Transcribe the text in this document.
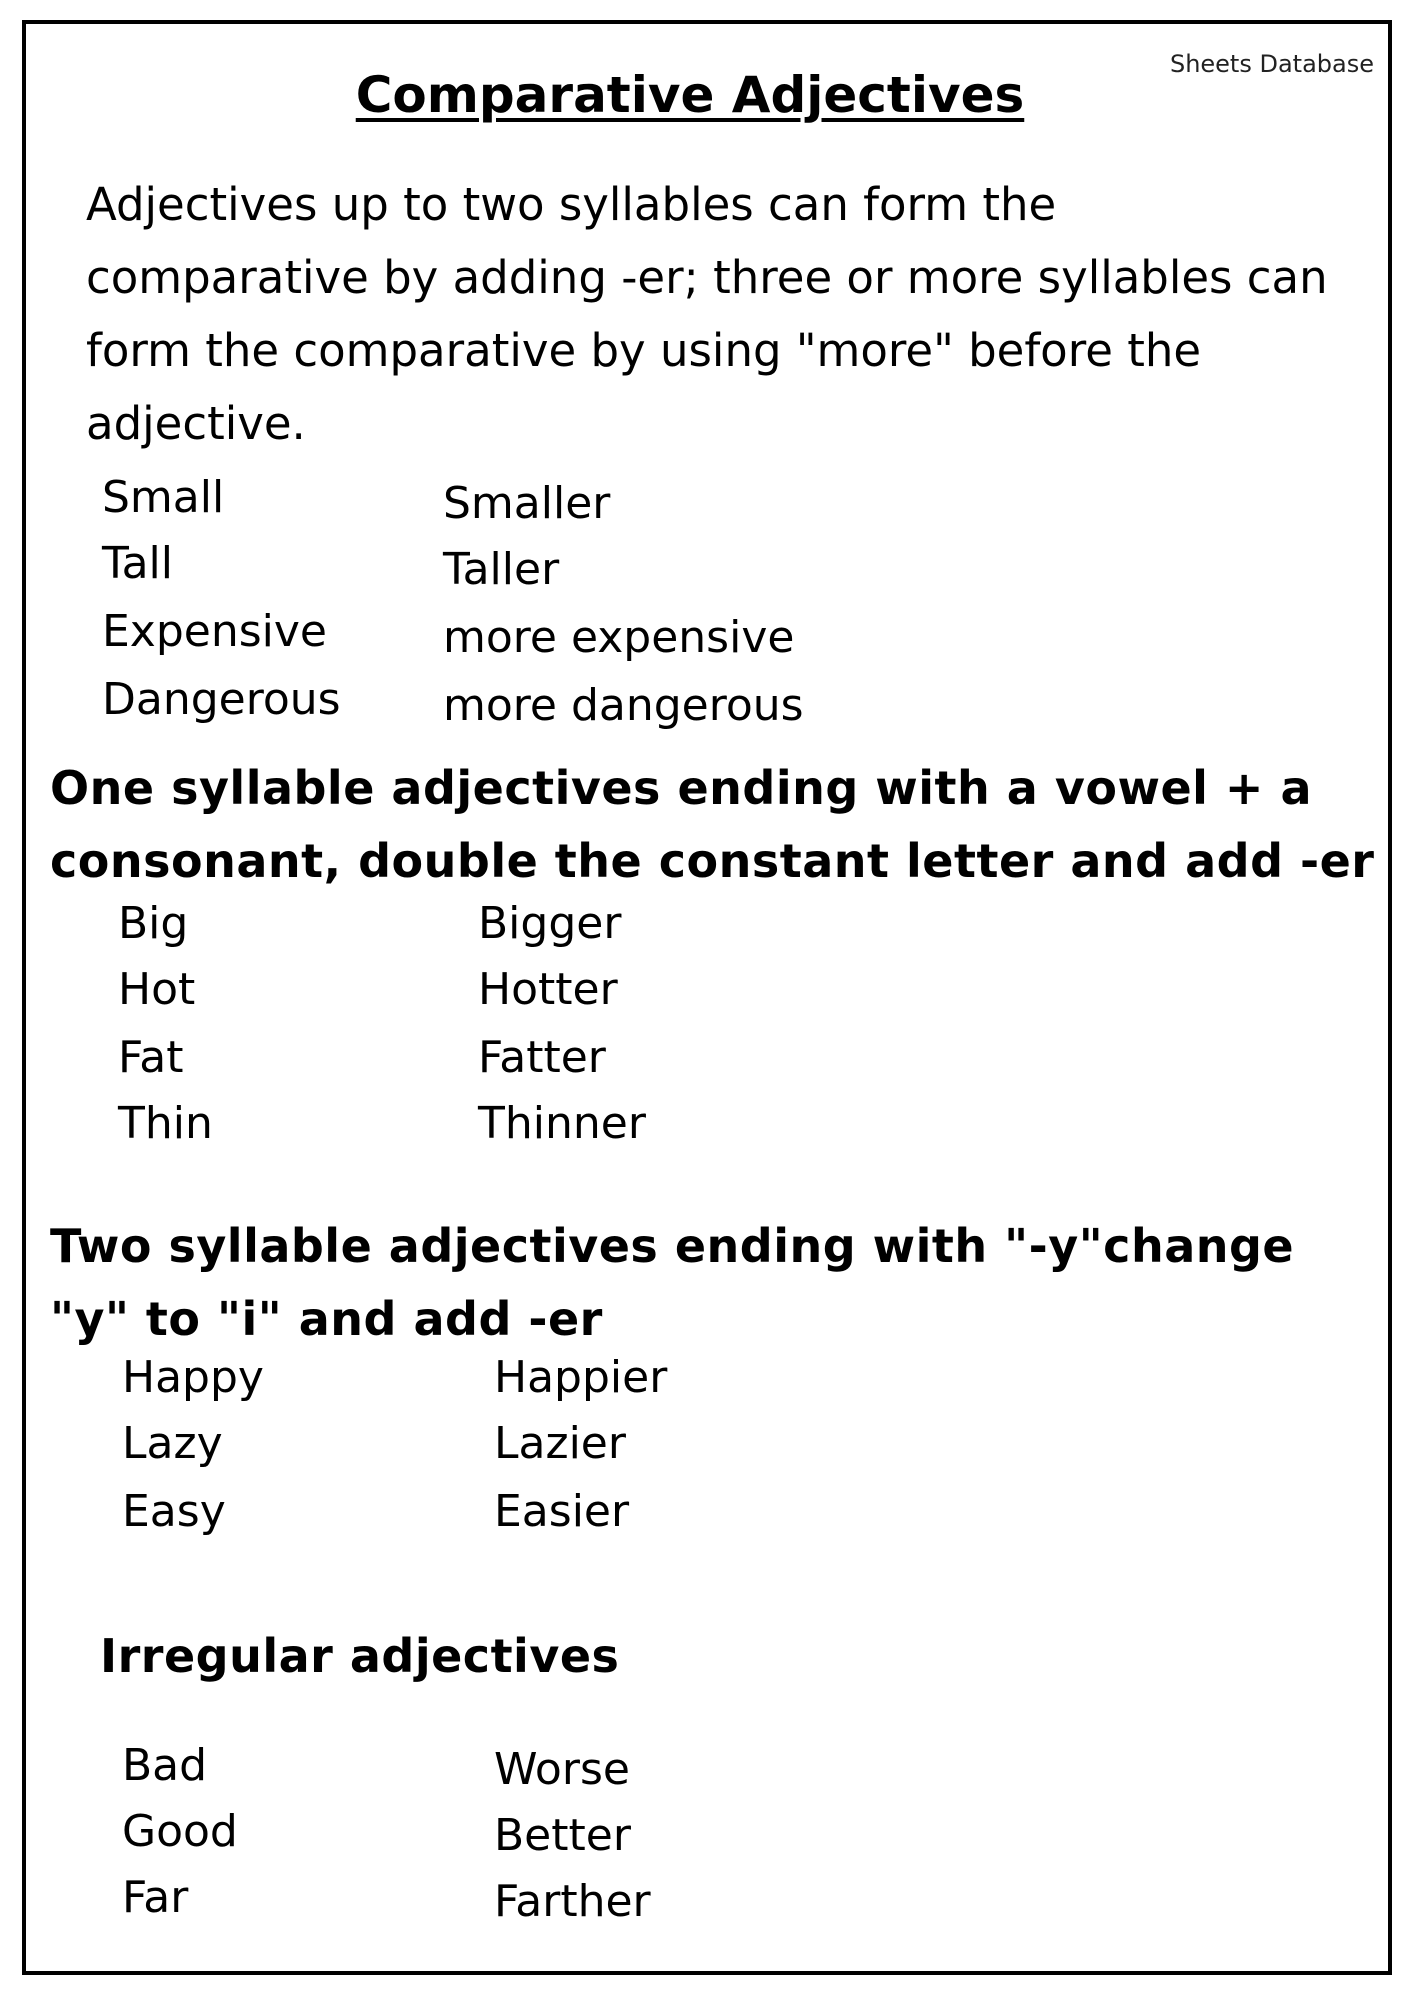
Sheets Database
Comparative Adjectives
Adjectives up to two syllables can form the comparative by adding -er; three or more syllables can form the comparative by using "more" before the adjective.
Small	Smaller
Tall	Taller
Expensive	more expensive
Dangerous more dangerous
One syllable adjectives ending with a vowel + a consonant, double the constant letter and add -er
Big	Bigger
Hot	Hotter
Fat	Fatter
Thin	Thinner
Two syllable adjectives ending with "-y"change "y" to "i" and add -er
Happy	Happier
Lazy	Lazier
Easy	Easier
Irregular adjectives
Bad	Worse
Good	Better
Far	Farther
